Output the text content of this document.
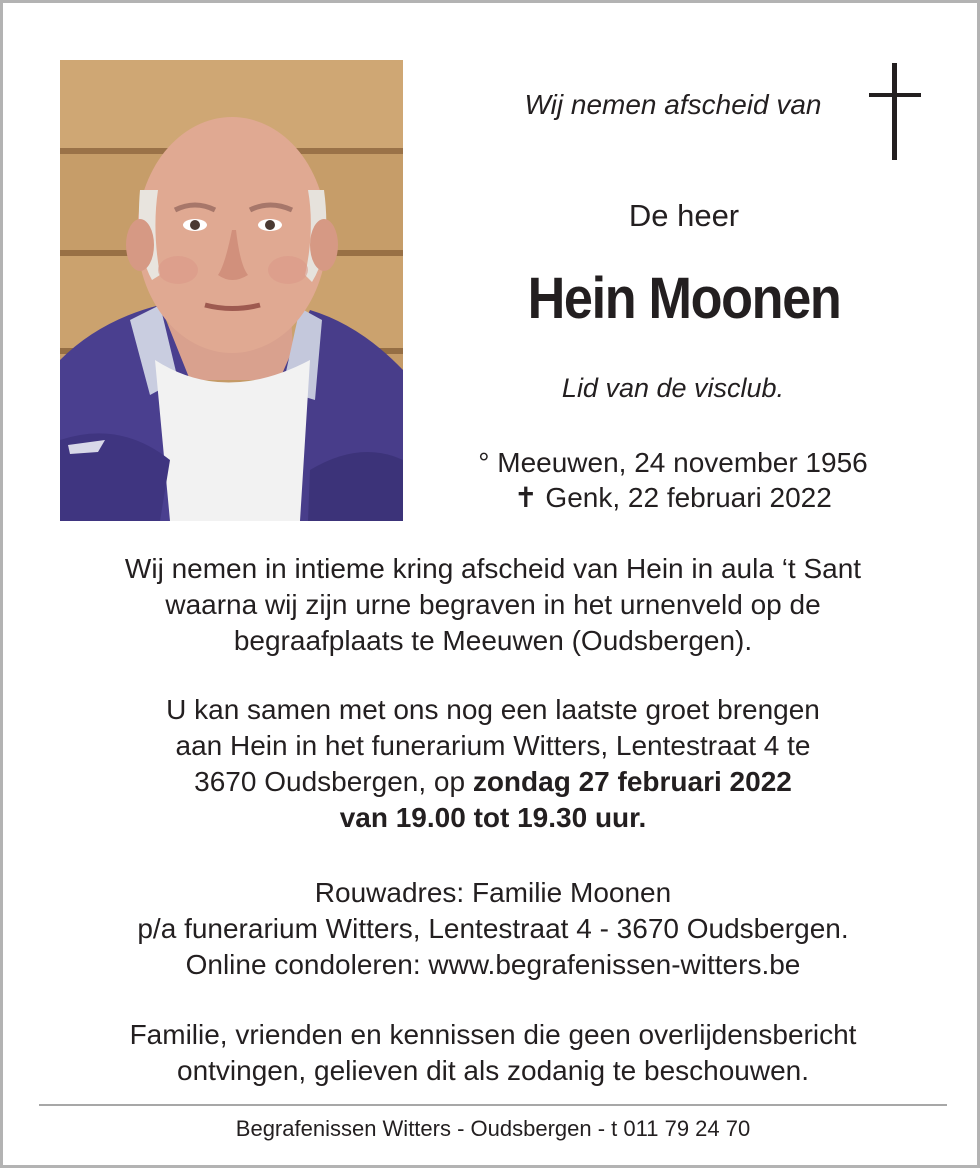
Wij nemen afscheid van
De heer
Hein Moonen
Lid van de visclub.
° Meeuwen, 24 november 1956
✝ Genk, 22 februari 2022
Wij nemen in intieme kring afscheid van Hein in aula ‘t Sant
waarna wij zijn urne begraven in het urnenveld op de
begraafplaats te Meeuwen (Oudsbergen).
U kan samen met ons nog een laatste groet brengen
aan Hein in het funerarium Witters, Lentestraat 4 te
3670 Oudsbergen, op zondag 27 februari 2022
van 19.00 tot 19.30 uur.
Rouwadres: Familie Moonen
p/a funerarium Witters, Lentestraat 4 - 3670 Oudsbergen.
Online condoleren: www.begrafenissen-witters.be
Familie, vrienden en kennissen die geen overlijdensbericht
ontvingen, gelieven dit als zodanig te beschouwen.
Begrafenissen Witters - Oudsbergen - t 011 79 24 70
